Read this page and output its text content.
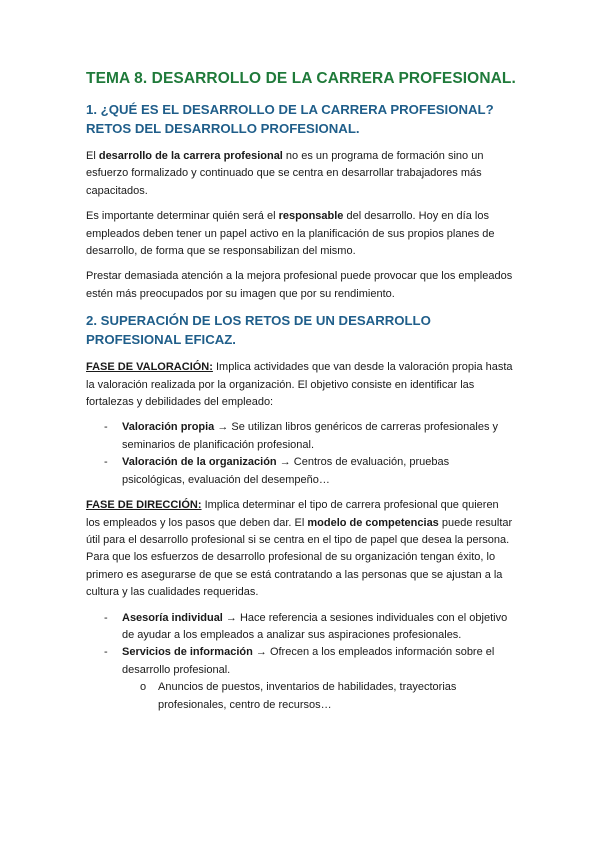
TEMA 8. DESARROLLO DE LA CARRERA PROFESIONAL.
1. ¿QUÉ ES EL DESARROLLO DE LA CARRERA PROFESIONAL? RETOS DEL DESARROLLO PROFESIONAL.

El desarrollo de la carrera profesional no es un programa de formación sino un esfuerzo formalizado y continuado que se centra en desarrollar trabajadores más capacitados.

Es importante determinar quién será el responsable del desarrollo. Hoy en día los empleados deben tener un papel activo en la planificación de sus propios planes de desarrollo, de forma que se responsabilizan del mismo.

Prestar demasiada atención a la mejora profesional puede provocar que los empleados estén más preocupados por su imagen que por su rendimiento.

2. SUPERACIÓN DE LOS RETOS DE UN DESARROLLO PROFESIONAL EFICAZ.

FASE DE VALORACIÓN: Implica actividades que van desde la valoración propia hasta la valoración realizada por la organización. El objetivo consiste en identificar las fortalezas y debilidades del empleado:

- Valoración propia → Se utilizan libros genéricos de carreras profesionales y seminarios de planificación profesional.
- Valoración de la organización → Centros de evaluación, pruebas psicológicas, evaluación del desempeño…

FASE DE DIRECCIÓN: Implica determinar el tipo de carrera profesional que quieren los empleados y los pasos que deben dar. El modelo de competencias puede resultar útil para el desarrollo profesional si se centra en el tipo de papel que desea la persona. Para que los esfuerzos de desarrollo profesional de su organización tengan éxito, lo primero es asegurarse de que se está contratando a las personas que se ajustan a la cultura y las cualidades requeridas.

- Asesoría individual → Hace referencia a sesiones individuales con el objetivo de ayudar a los empleados a analizar sus aspiraciones profesionales.
- Servicios de información → Ofrecen a los empleados información sobre el desarrollo profesional.
o Anuncios de puestos, inventarios de habilidades, trayectorias profesionales, centro de recursos…
